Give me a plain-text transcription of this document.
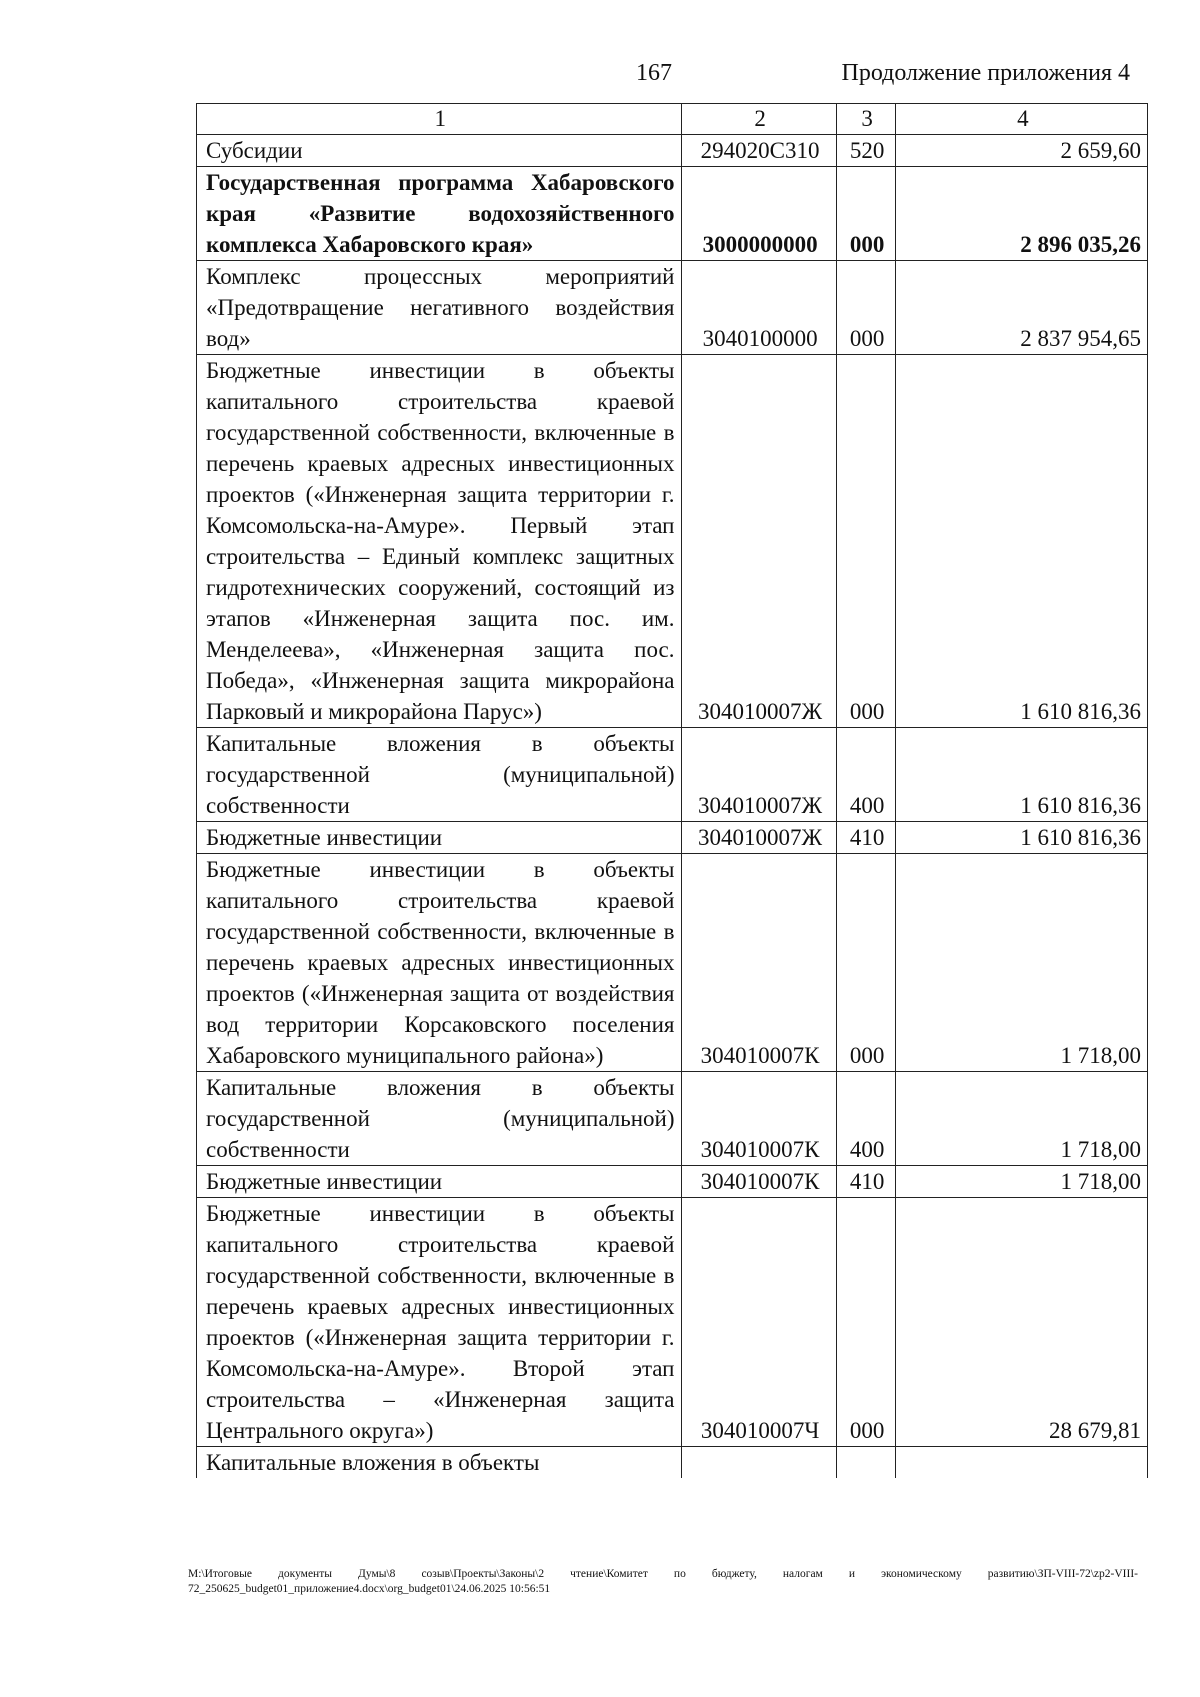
167	Продолжение приложения 4
1	2	3	4
Субсидии	294020С310	520	2 659,60
Государственная программа Хабаровского края «Развитие водохозяйственного комплекса Хабаровского края»	3000000000	000	2 896 035,26
Комплекс процессных мероприятий «Предотвращение негативного воздействия вод»	3040100000	000	2 837 954,65
Бюджетные инвестиции в объекты капитального строительства краевой государственной собственности, включенные в перечень краевых адресных инвестиционных проектов («Инженерная защита территории г. Комсомольска-на-Амуре». Первый этап строительства – Единый комплекс защитных гидротехнических сооружений, состоящий из этапов «Инженерная защита пос. им. Менделеева», «Инженерная защита пос. Победа», «Инженерная защита микрорайона Парковый и микрорайона Парус»)	304010007Ж	000	1 610 816,36
Капитальные вложения в объекты государственной (муниципальной) собственности	304010007Ж	400	1 610 816,36
Бюджетные инвестиции	304010007Ж	410	1 610 816,36
Бюджетные инвестиции в объекты капитального строительства краевой государственной собственности, включенные в перечень краевых адресных инвестиционных проектов («Инженерная защита от воздействия вод территории Корсаковского поселения Хабаровского муниципального района»)	304010007К	000	1 718,00
Капитальные вложения в объекты государственной (муниципальной) собственности	304010007К	400	1 718,00
Бюджетные инвестиции	304010007К	410	1 718,00
Бюджетные инвестиции в объекты капитального строительства краевой государственной собственности, включенные в перечень краевых адресных инвестиционных проектов («Инженерная защита территории г. Комсомольска-на-Амуре». Второй этап строительства – «Инженерная защита Центрального округа»)	304010007Ч	000	28 679,81
Капитальные вложения в объекты			
M:\Итоговые документы Думы\8 созыв\Проекты\Законы\2 чтение\Комитет по бюджету, налогам и экономическому развитию\ЗП-VIII-72\zp2-VIII-72_250625_budget01_приложение4.docx\org_budget01\24.06.2025 10:56:51
